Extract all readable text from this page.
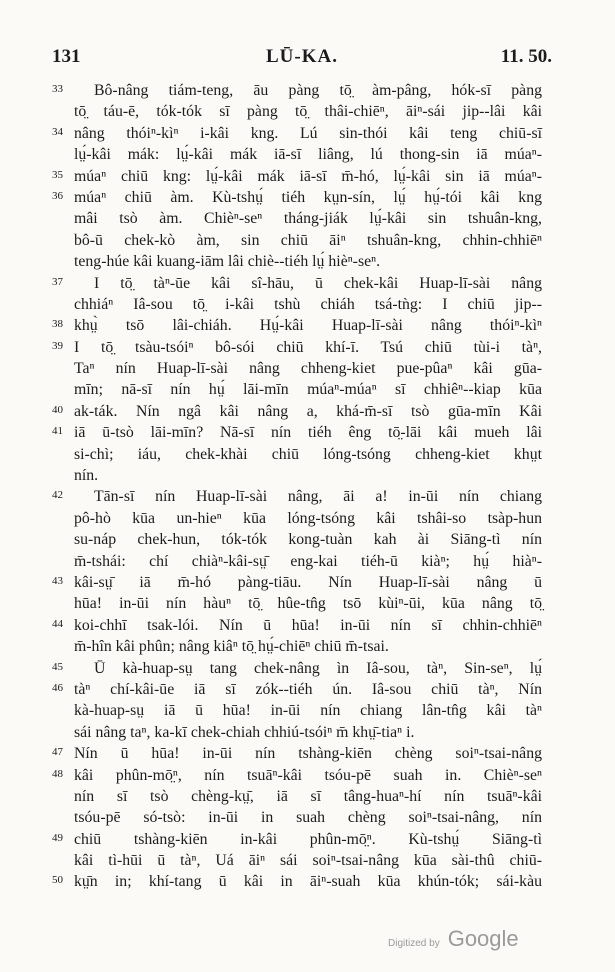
131	LŪ-KA.	11. 50.
33	Bô-nâng tiám-teng, āu pàng tō̤ àm-pâng, hók-sī pàng
tō̤ táu-ē, tók-tók sī pàng tō̤ thâi-chiēⁿ, āiⁿ-sái jip--lâi kâi
34 nâng thóiⁿ-kìⁿ i-kâi kng. Lú sin-thói kâi teng chiū-sī
lṳ́-kâi mák: lṳ́-kâi mák iā-sī liâng, lú thong-sin iā múaⁿ-
35 múaⁿ chiū kng: lṳ́-kâi mák iā-sī m̄-hó, lṳ́-kâi sin iā múaⁿ-
36 múaⁿ chiū àm. Kù-tshṳ́ tiéh kṳn-sín, lṳ́ hṳ́-tói kâi kng
mâi tsò àm. Chièⁿ-seⁿ tháng-jiák lṳ́-kâi sin tshuân-kng,
bô-ū chek-kò àm, sin chiū āiⁿ tshuân-kng, chhin-chhiēⁿ
teng-húe kâi kuang-iām lâi chiè--tiéh lṳ́ hièⁿ-seⁿ.
37	I tō̤ tàⁿ-ūe kâi sî-hāu, ū chek-kâi Huap-lī-sài nâng
chhiáⁿ Iâ-sou tō̤ i-kâi tshù chiáh tsá-tǹg: I chiū jip--
38 khṳ̀ tsō lâi-chiáh. Hṳ́-kâi Huap-lī-sài nâng thóiⁿ-kìⁿ
39 I tō̤ tsàu-tsóiⁿ bô-sói chiū khí-ī. Tsú chiū tùi-i tàⁿ,
Taⁿ nín Huap-lī-sài nâng chheng-kiet pue-pûaⁿ kâi gūa-
mīn; nā-sī nín hṳ́ lāi-mīn múaⁿ-múaⁿ sī chhiêⁿ--kiap kūa
40 ak-ták. Nín ngâ kâi nâng a, khá-m̄-sī tsò gūa-mīn Kâi
41 iā ū-tsò lāi-mīn? Nā-sī nín tiéh êng tō̤-lāi kâi mueh lâi
si-chì; iáu, chek-khài chiū lóng-tsóng chheng-kiet khṳt
nín.
42	Tān-sī nín Huap-lī-sài nâng, āi a! in-ūi nín chiang
pô-hò kūa un-hieⁿ kūa lóng-tsóng kâi tshâi-so tsàp-hun
su-náp chek-hun, tók-tók kong-tuàn kah ài Siāng-tì nín
m̄-tshái: chí chiàⁿ-kâi-sṳ̄ eng-kai tiéh-ū kiàⁿ; hṳ́ hiàⁿ-
43 kâi-sṳ̄ iā m̄-hó pàng-tiāu. Nín Huap-lī-sài nâng ū
hūa! in-ūi nín hàuⁿ tō̤ hûe-tn̂g tsō kùiⁿ-ūi, kūa nâng tō̤
44 koi-chhī tsak-lói. Nín ū hūa! in-ūi nín sī chhin-chhiēⁿ
m̄-hîn kâi phûn; nâng kiâⁿ tō̤ hṳ́-chiēⁿ chiū m̄-tsai.
45	Ū kà-huap-sṳ tang chek-nâng ìn Iâ-sou, tàⁿ, Sin-seⁿ, lṳ́
46 tàⁿ chí-kâi-ūe iā sī zók--tiéh ún. Iâ-sou chiū tàⁿ, Nín
kà-huap-sṳ iā ū hūa! in-ūi nín chiang lân-tn̂g kâi tàⁿ
sái nâng taⁿ, ka-kī chek-chiah chhiú-tsóiⁿ m̄ khṳ̄-tiaⁿ i.
47 Nín ū hūa! in-ūi nín tshàng-kiēn chèng soiⁿ-tsai-nâng
48 kâi phûn-mō̤ⁿ, nín tsuāⁿ-kâi tsóu-pē suah in. Chièⁿ-seⁿ
nín sī tsò chèng-kṳ̄, iā sī tâng-huaⁿ-hí nín tsuāⁿ-kâi
tsóu-pē só-tsò: in-ūi in suah chèng soiⁿ-tsai-nâng, nín
49 chiū tshàng-kiēn in-kâi phûn-mō̤ⁿ. Kù-tshṳ́ Siāng-tì
kâi tì-hūi ū tàⁿ, Uá āiⁿ sái soiⁿ-tsai-nâng kūa sài-thû chiū-
50 kṳ̄n in; khí-tang ū kâi in āiⁿ-suah kūa khún-tók; sái-kàu
Digitized by Google
